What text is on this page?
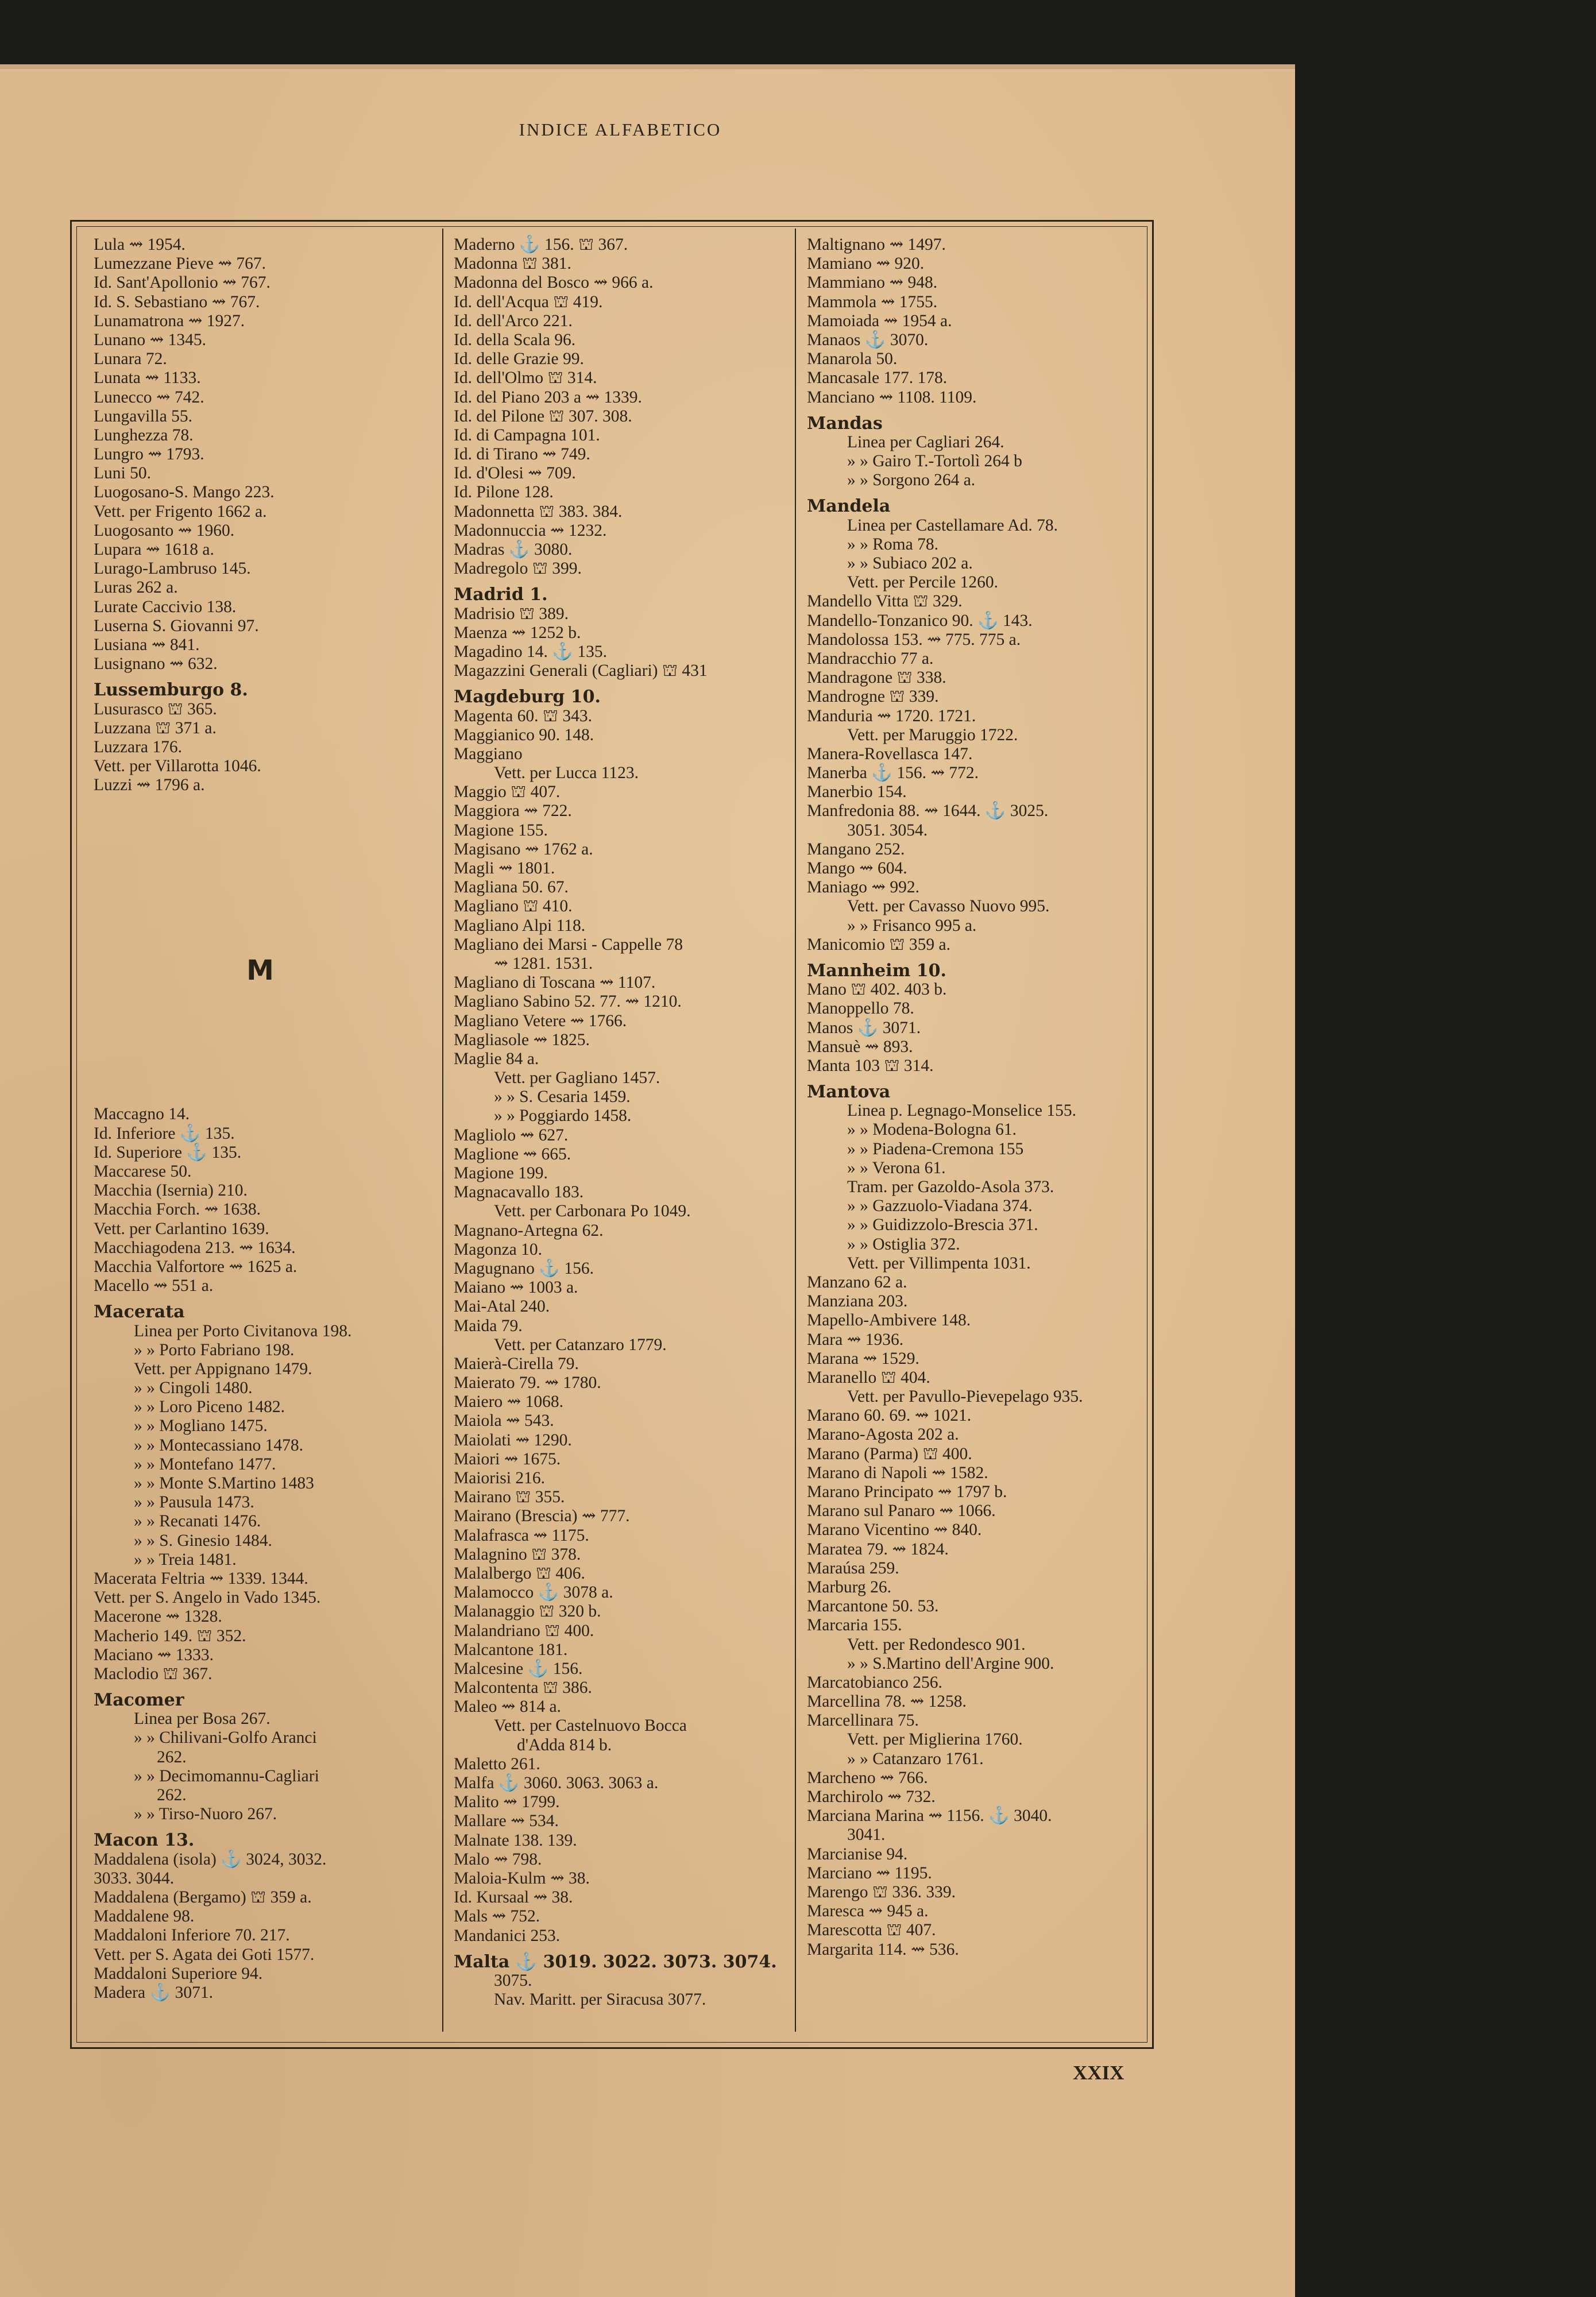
INDICE ALFABETICO
Lula ⇝ 1954.
Lumezzane Pieve ⇝ 767.
Id. Sant'Apollonio ⇝ 767.
Id. S. Sebastiano ⇝ 767.
Lunamatrona ⇝ 1927.
Lunano ⇝ 1345.
Lunara 72.
Lunata ⇝ 1133.
Lunecco ⇝ 742.
Lungavilla 55.
Lunghezza 78.
Lungro ⇝ 1793.
Luni 50.
Luogosano-S. Mango 223.
Vett. per Frigento 1662 a.
Luogosanto ⇝ 1960.
Lupara ⇝ 1618 a.
Lurago-Lambruso 145.
Luras 262 a.
Lurate Caccivio 138.
Luserna S. Giovanni 97.
Lusiana ⇝ 841.
Lusignano ⇝ 632.
Lussemburgo 8.
Lusurasco ⛫ 365.
Luzzana ⛫ 371 a.
Luzzara 176.
Vett. per Villarotta 1046.
Luzzi ⇝ 1796 a.
M
Maccagno 14.
Id. Inferiore ⚓ 135.
Id. Superiore ⚓ 135.
Maccarese 50.
Macchia (Isernia) 210.
Macchia Forch. ⇝ 1638.
Vett. per Carlantino 1639.
Macchiagodena 213. ⇝ 1634.
Macchia Valfortore ⇝ 1625 a.
Macello ⇝ 551 a.
Macerata
Linea per Porto Civitanova 198.
» » Porto Fabriano 198.
Vett. per Appignano 1479.
» » Cingoli 1480.
» » Loro Piceno 1482.
» » Mogliano 1475.
» » Montecassiano 1478.
» » Montefano 1477.
» » Monte S.Martino 1483
» » Pausula 1473.
» » Recanati 1476.
» » S. Ginesio 1484.
» » Treia 1481.
Macerata Feltria ⇝ 1339. 1344.
Vett. per S. Angelo in Vado 1345.
Macerone ⇝ 1328.
Macherio 149. ⛫ 352.
Maciano ⇝ 1333.
Maclodio ⛫ 367.
Macomer
Linea per Bosa 267.
» » Chilivani-Golfo Aranci
262.
» » Decimomannu-Cagliari
262.
» » Tirso-Nuoro 267.
Macon 13.
Maddalena (isola) ⚓ 3024, 3032.
3033. 3044.
Maddalena (Bergamo) ⛫ 359 a.
Maddalene 98.
Maddaloni Inferiore 70. 217.
Vett. per S. Agata dei Goti 1577.
Maddaloni Superiore 94.
Madera ⚓ 3071.
Maderno ⚓ 156. ⛫ 367.
Madonna ⛫ 381.
Madonna del Bosco ⇝ 966 a.
Id. dell'Acqua ⛫ 419.
Id. dell'Arco 221.
Id. della Scala 96.
Id. delle Grazie 99.
Id. dell'Olmo ⛫ 314.
Id. del Piano 203 a ⇝ 1339.
Id. del Pilone ⛫ 307. 308.
Id. di Campagna 101.
Id. di Tirano ⇝ 749.
Id. d'Olesi ⇝ 709.
Id. Pilone 128.
Madonnetta ⛫ 383. 384.
Madonnuccia ⇝ 1232.
Madras ⚓ 3080.
Madregolo ⛫ 399.
Madrid 1.
Madrisio ⛫ 389.
Maenza ⇝ 1252 b.
Magadino 14. ⚓ 135.
Magazzini Generali (Cagliari) ⛫ 431
Magdeburg 10.
Magenta 60. ⛫ 343.
Maggianico 90. 148.
Maggiano
Vett. per Lucca 1123.
Maggio ⛫ 407.
Maggiora ⇝ 722.
Magione 155.
Magisano ⇝ 1762 a.
Magli ⇝ 1801.
Magliana 50. 67.
Magliano ⛫ 410.
Magliano Alpi 118.
Magliano dei Marsi - Cappelle 78
⇝ 1281. 1531.
Magliano di Toscana ⇝ 1107.
Magliano Sabino 52. 77. ⇝ 1210.
Magliano Vetere ⇝ 1766.
Magliasole ⇝ 1825.
Maglie 84 a.
Vett. per Gagliano 1457.
» » S. Cesaria 1459.
» » Poggiardo 1458.
Magliolo ⇝ 627.
Maglione ⇝ 665.
Magione 199.
Magnacavallo 183.
Vett. per Carbonara Po 1049.
Magnano-Artegna 62.
Magonza 10.
Magugnano ⚓ 156.
Maiano ⇝ 1003 a.
Mai-Atal 240.
Maida 79.
Vett. per Catanzaro 1779.
Maierà-Cirella 79.
Maierato 79. ⇝ 1780.
Maiero ⇝ 1068.
Maiola ⇝ 543.
Maiolati ⇝ 1290.
Maiori ⇝ 1675.
Maiorisi 216.
Mairano ⛫ 355.
Mairano (Brescia) ⇝ 777.
Malafrasca ⇝ 1175.
Malagnino ⛫ 378.
Malalbergo ⛫ 406.
Malamocco ⚓ 3078 a.
Malanaggio ⛫ 320 b.
Malandriano ⛫ 400.
Malcantone 181.
Malcesine ⚓ 156.
Malcontenta ⛫ 386.
Maleo ⇝ 814 a.
Vett. per Castelnuovo Bocca
d'Adda 814 b.
Maletto 261.
Malfa ⚓ 3060. 3063. 3063 a.
Malito ⇝ 1799.
Mallare ⇝ 534.
Malnate 138. 139.
Malo ⇝ 798.
Maloia-Kulm ⇝ 38.
Id. Kursaal ⇝ 38.
Mals ⇝ 752.
Mandanici 253.
Malta ⚓ 3019. 3022. 3073. 3074.
3075.
Nav. Maritt. per Siracusa 3077.
Maltignano ⇝ 1497.
Mamiano ⇝ 920.
Mammiano ⇝ 948.
Mammola ⇝ 1755.
Mamoiada ⇝ 1954 a.
Manaos ⚓ 3070.
Manarola 50.
Mancasale 177. 178.
Manciano ⇝ 1108. 1109.
Mandas
Linea per Cagliari 264.
» » Gairo T.-Tortolì 264 b
» » Sorgono 264 a.
Mandela
Linea per Castellamare Ad. 78.
» » Roma 78.
» » Subiaco 202 a.
Vett. per Percile 1260.
Mandello Vitta ⛫ 329.
Mandello-Tonzanico 90. ⚓ 143.
Mandolossa 153. ⇝ 775. 775 a.
Mandracchio 77 a.
Mandragone ⛫ 338.
Mandrogne ⛫ 339.
Manduria ⇝ 1720. 1721.
Vett. per Maruggio 1722.
Manera-Rovellasca 147.
Manerba ⚓ 156. ⇝ 772.
Manerbio 154.
Manfredonia 88. ⇝ 1644. ⚓ 3025.
3051. 3054.
Mangano 252.
Mango ⇝ 604.
Maniago ⇝ 992.
Vett. per Cavasso Nuovo 995.
» » Frisanco 995 a.
Manicomio ⛫ 359 a.
Mannheim 10.
Mano ⛫ 402. 403 b.
Manoppello 78.
Manos ⚓ 3071.
Mansuè ⇝ 893.
Manta 103 ⛫ 314.
Mantova
Linea p. Legnago-Monselice 155.
» » Modena-Bologna 61.
» » Piadena-Cremona 155
» » Verona 61.
Tram. per Gazoldo-Asola 373.
» » Gazzuolo-Viadana 374.
» » Guidizzolo-Brescia 371.
» » Ostiglia 372.
Vett. per Villimpenta 1031.
Manzano 62 a.
Manziana 203.
Mapello-Ambivere 148.
Mara ⇝ 1936.
Marana ⇝ 1529.
Maranello ⛫ 404.
Vett. per Pavullo-Pievepelago 935.
Marano 60. 69. ⇝ 1021.
Marano-Agosta 202 a.
Marano (Parma) ⛫ 400.
Marano di Napoli ⇝ 1582.
Marano Principato ⇝ 1797 b.
Marano sul Panaro ⇝ 1066.
Marano Vicentino ⇝ 840.
Maratea 79. ⇝ 1824.
Maraúsa 259.
Marburg 26.
Marcantone 50. 53.
Marcaria 155.
Vett. per Redondesco 901.
» » S.Martino dell'Argine 900.
Marcatobianco 256.
Marcellina 78. ⇝ 1258.
Marcellinara 75.
Vett. per Miglierina 1760.
» » Catanzaro 1761.
Marcheno ⇝ 766.
Marchirolo ⇝ 732.
Marciana Marina ⇝ 1156. ⚓ 3040.
3041.
Marcianise 94.
Marciano ⇝ 1195.
Marengo ⛫ 336. 339.
Maresca ⇝ 945 a.
Marescotta ⛫ 407.
Margarita 114. ⇝ 536.
XXIX
